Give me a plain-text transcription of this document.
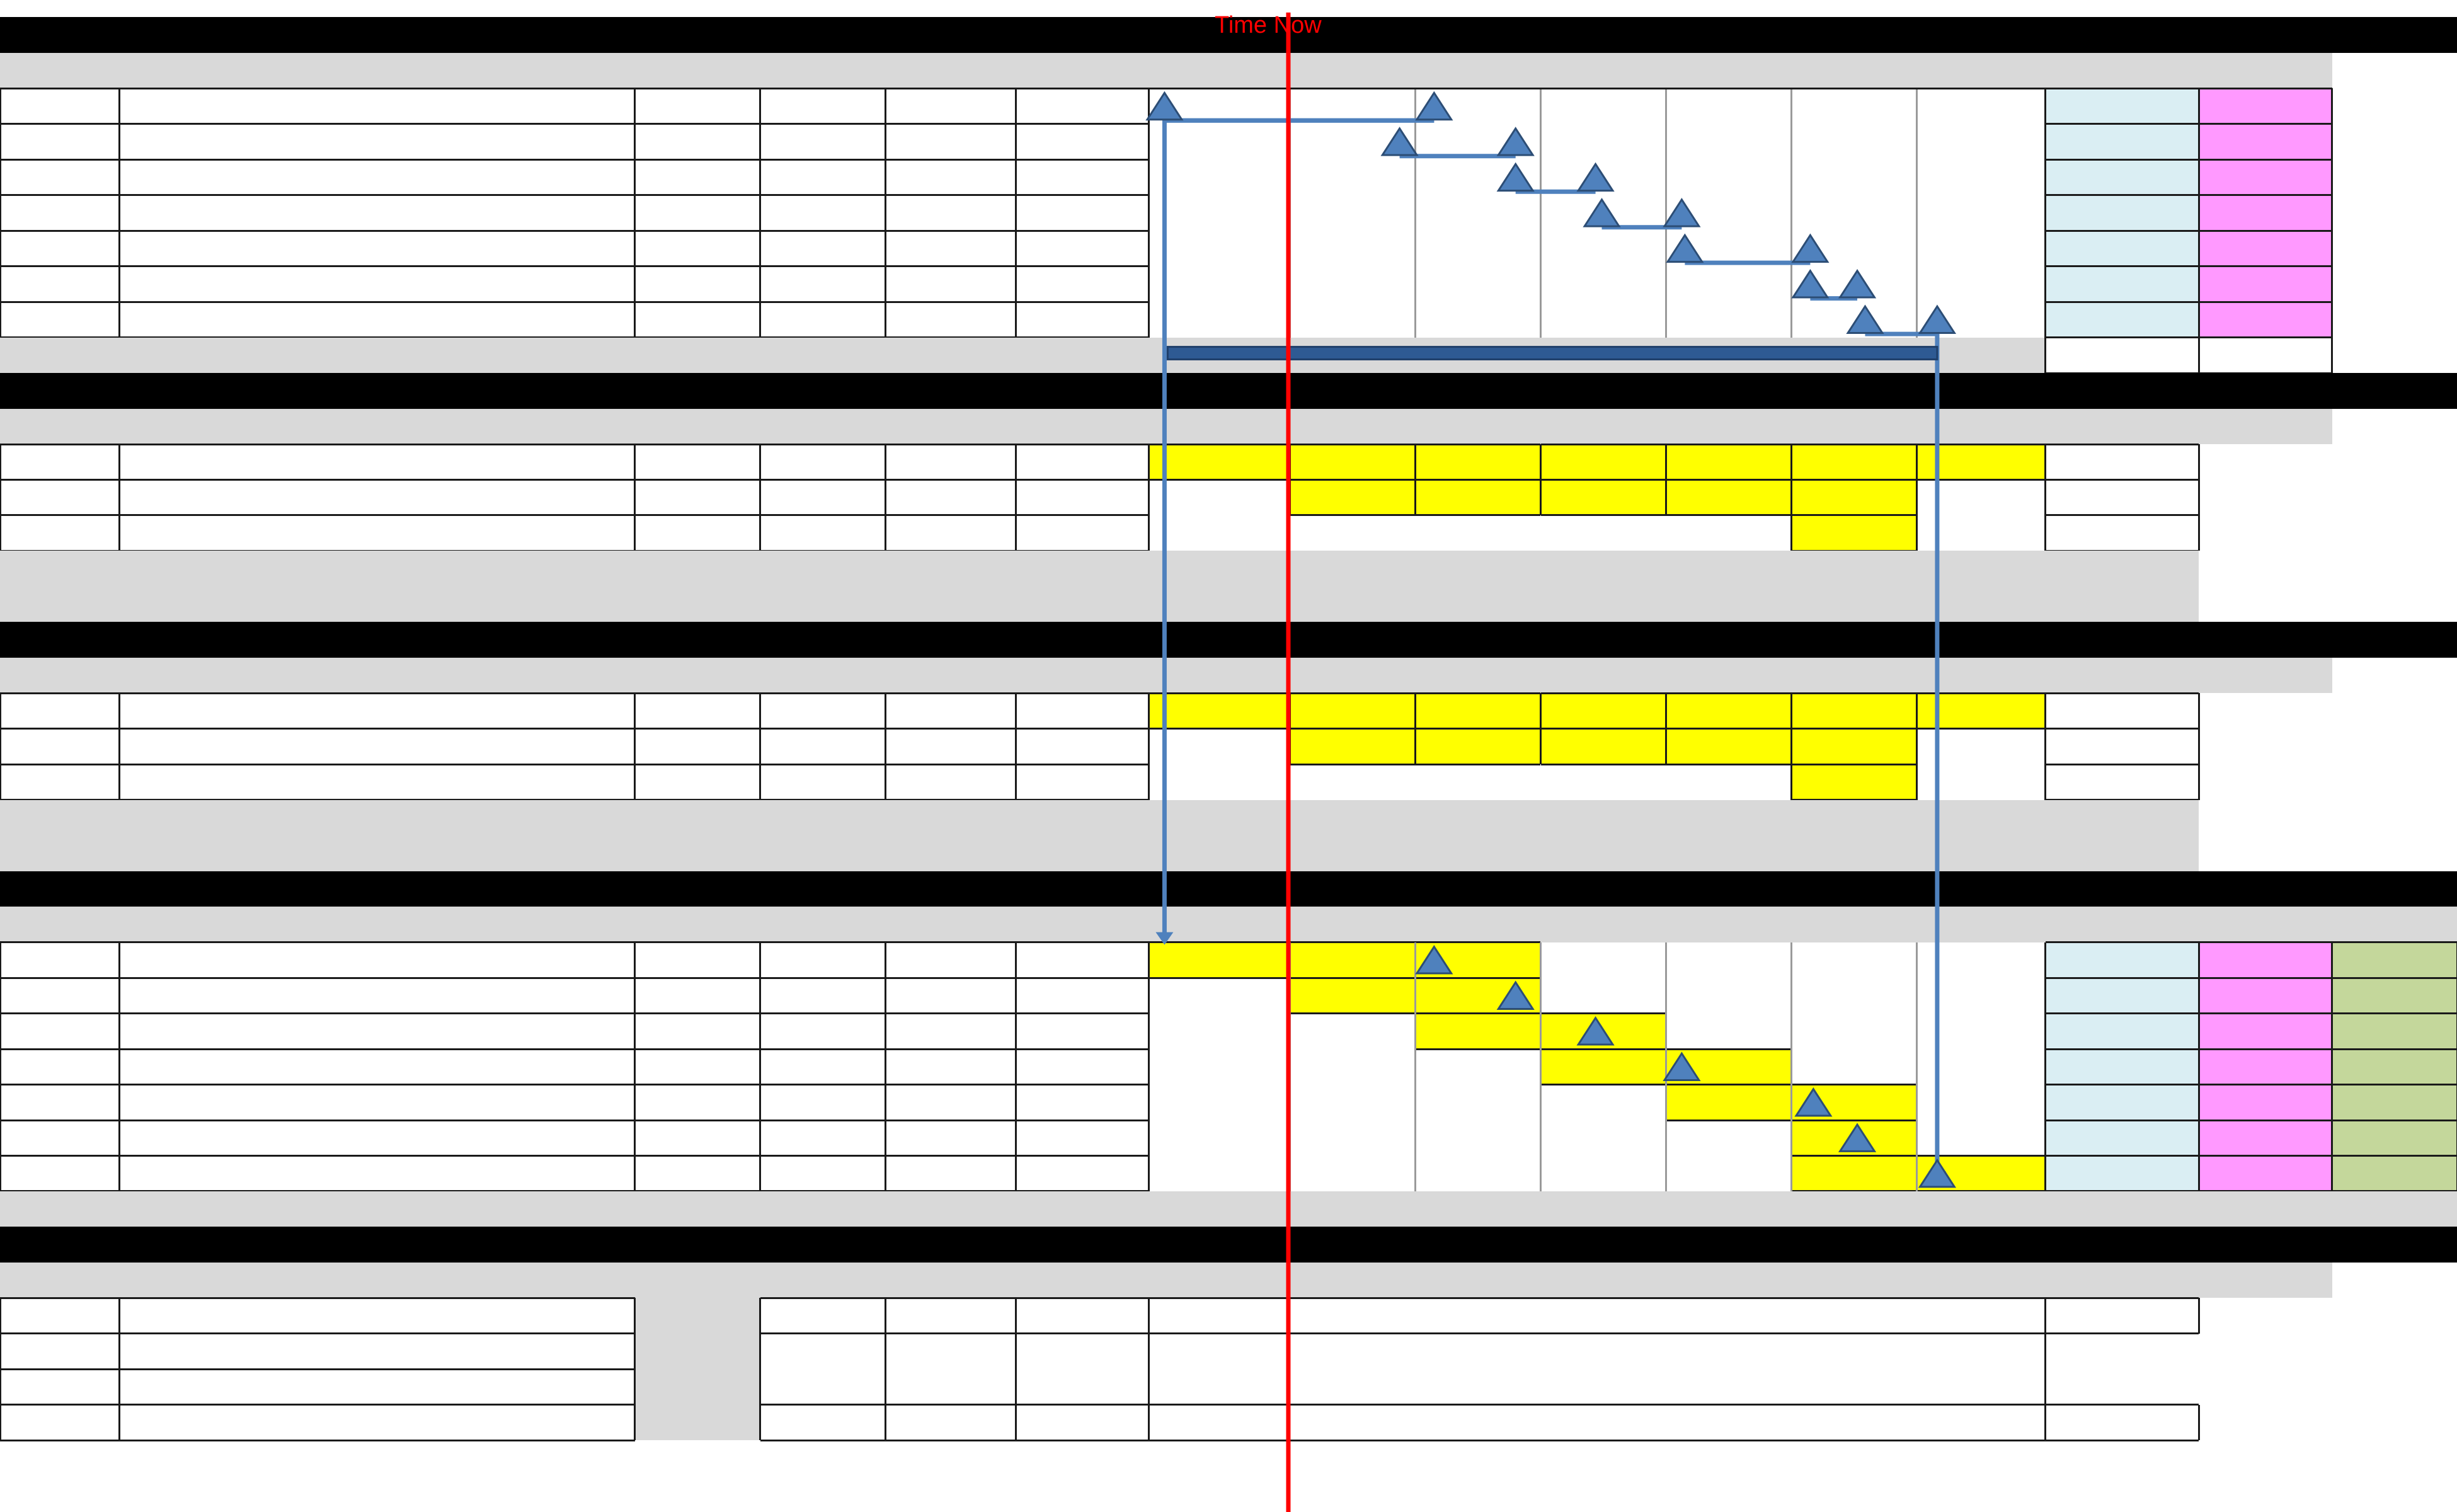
Time Now
